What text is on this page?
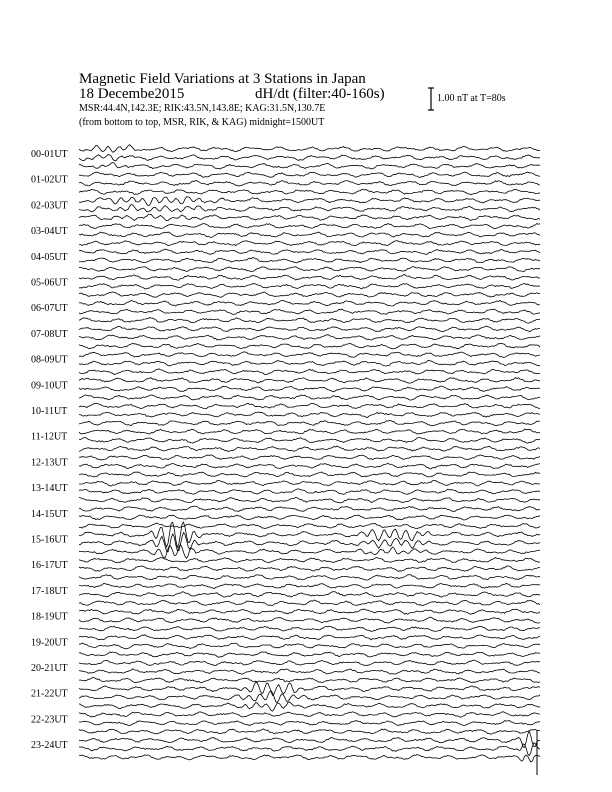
00-01UT
01-02UT
02-03UT
03-04UT
04-05UT
05-06UT
06-07UT
07-08UT
08-09UT
09-10UT
10-11UT
11-12UT
12-13UT
13-14UT
14-15UT
15-16UT
16-17UT
17-18UT
18-19UT
19-20UT
20-21UT
21-22UT
22-23UT
23-24UT
Magnetic Field Variations at 3 Stations in Japan
18 Decembe2015	dH/dt (filter:40-160s)
MSR:44.4N,142.3E; RIK:43.5N,143.8E; KAG:31.5N,130.7E
(from bottom to top, MSR, RIK, & KAG) midnight=1500UT
1.00 nT at T=80s
